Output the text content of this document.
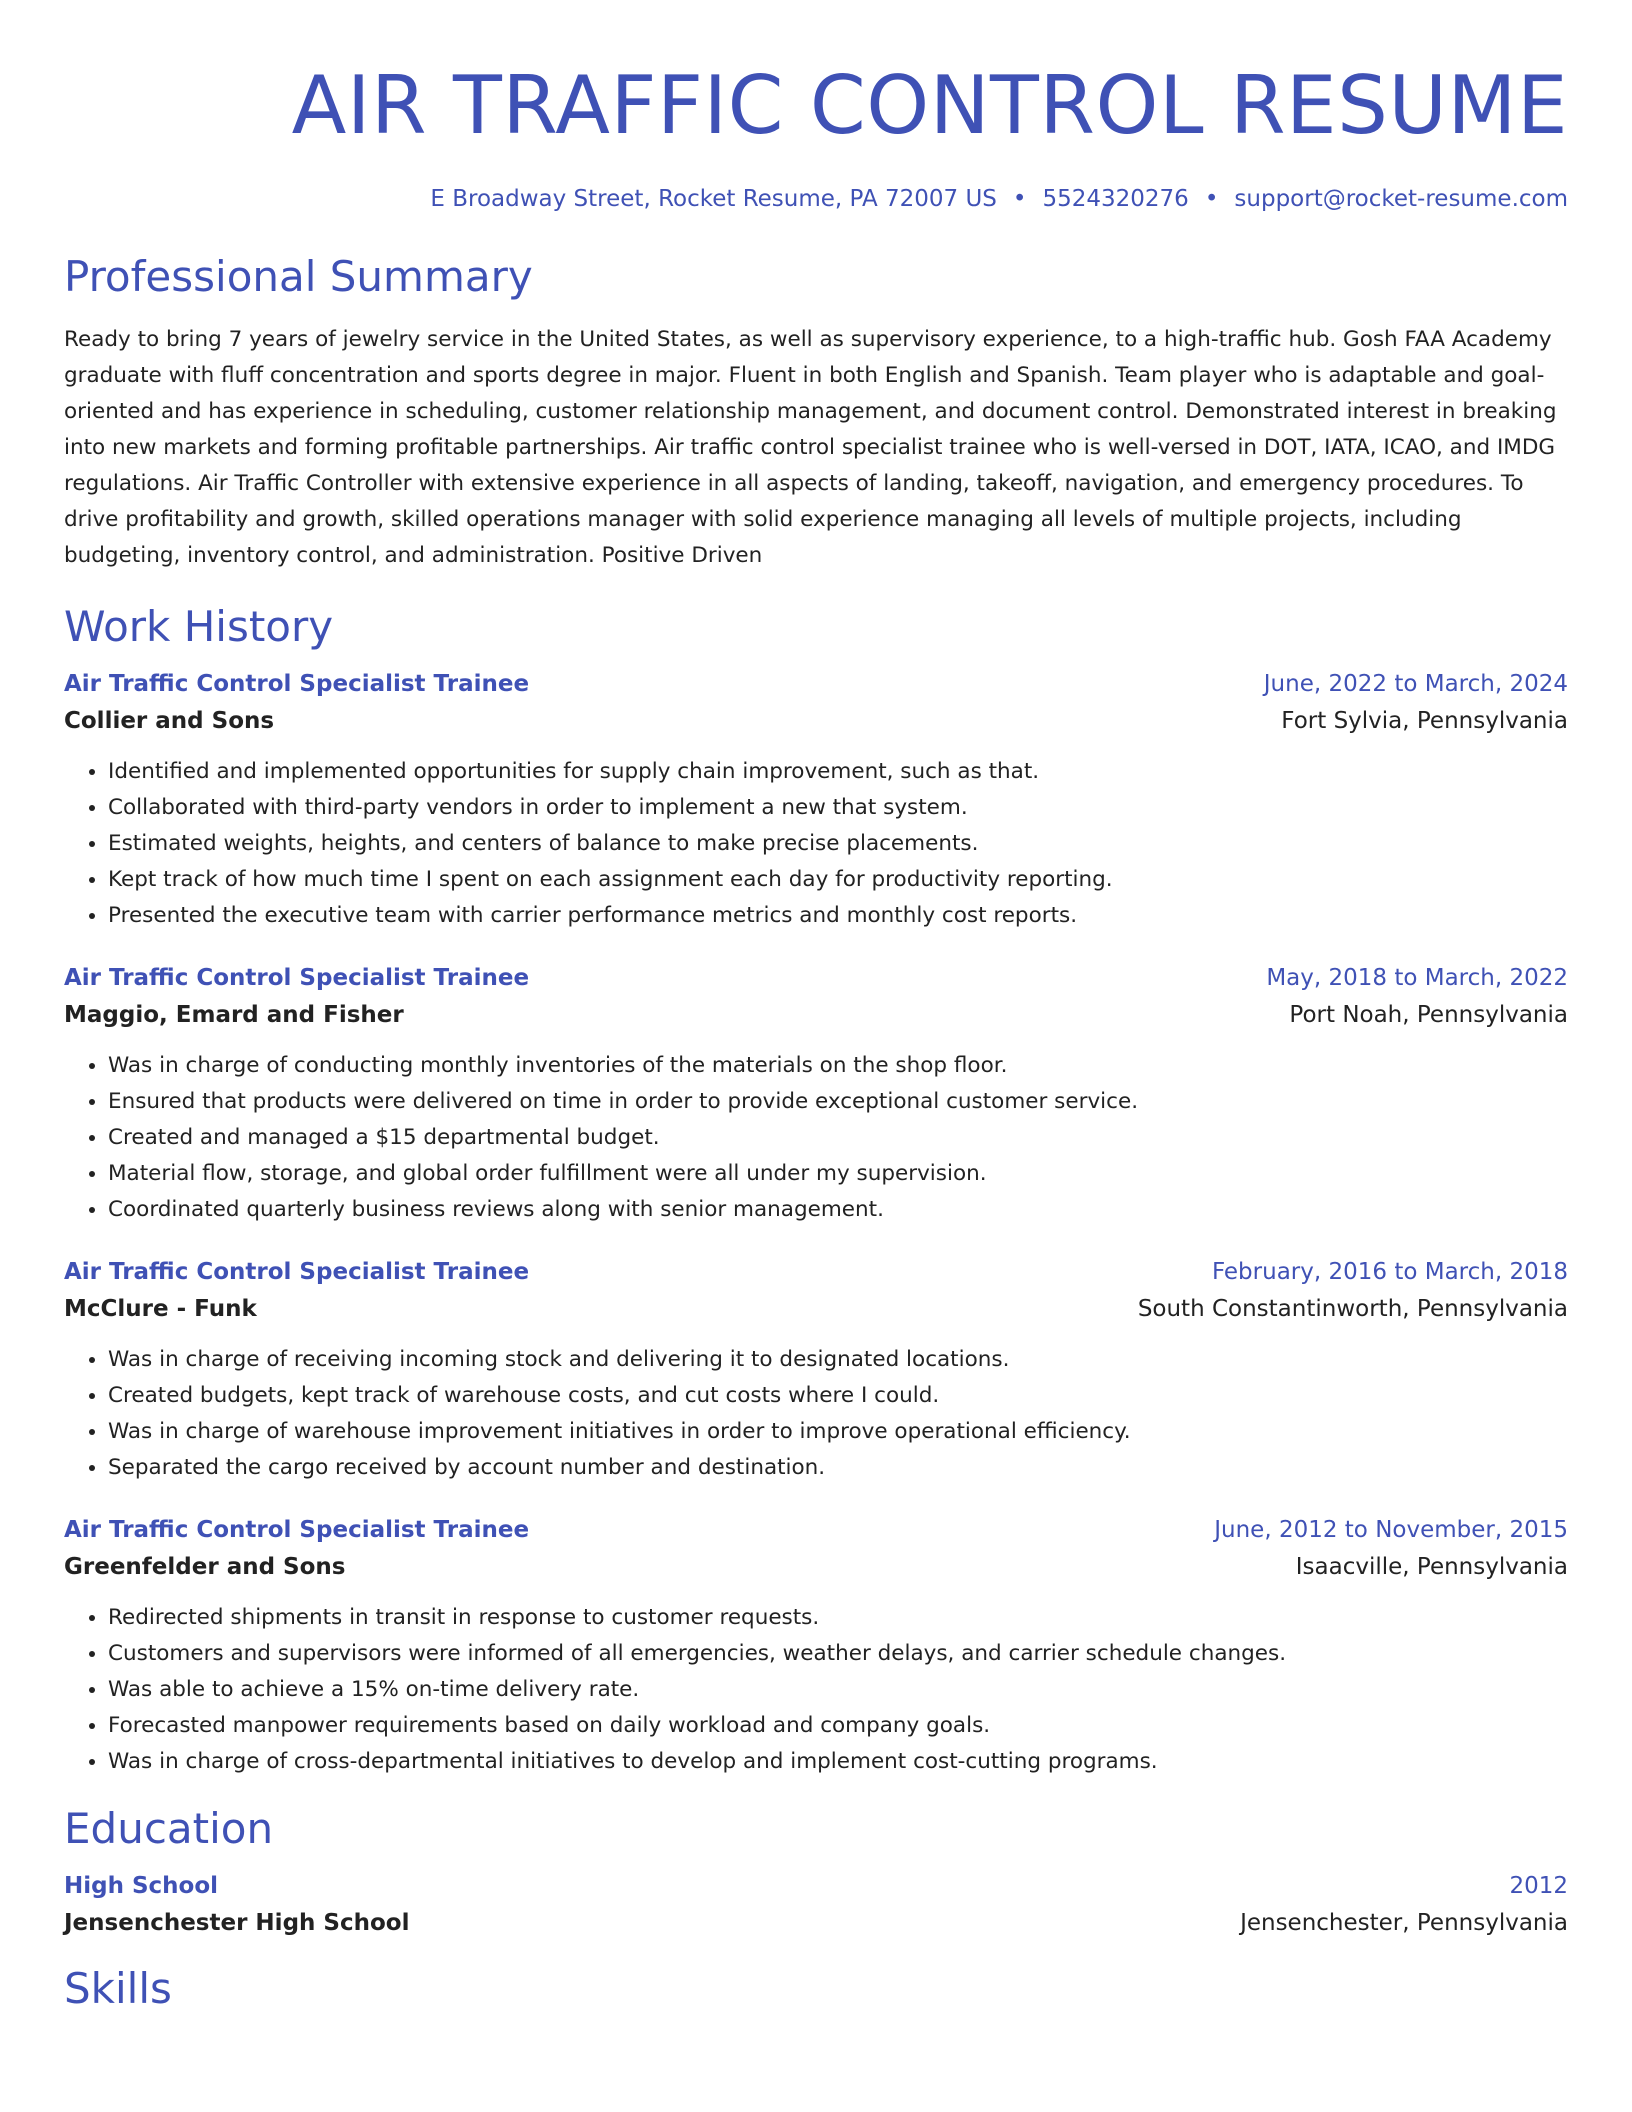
AIR TRAFFIC CONTROL RESUME
E Broadway Street, Rocket Resume, PA 72007 US • 5524320276 • support@rocket-resume.com
Professional Summary

Ready to bring 7 years of jewelry service in the United States, as well as supervisory experience, to a high-traffic hub. Gosh FAA Academy graduate with fluff concentration and sports degree in major. Fluent in both English and Spanish. Team player who is adaptable and goal-oriented and has experience in scheduling, customer relationship management, and document control. Demonstrated interest in breaking into new markets and forming profitable partnerships. Air traffic control specialist trainee who is well-versed in DOT, IATA, ICAO, and IMDG regulations. Air Traffic Controller with extensive experience in all aspects of landing, takeoff, navigation, and emergency procedures. To drive profitability and growth, skilled operations manager with solid experience managing all levels of multiple projects, including budgeting, inventory control, and administration. Positive Driven

Work History
Air Traffic Control Specialist Trainee	June, 2022 to March, 2024
Collier and Sons	Fort Sylvia, Pennsylvania
• Identified and implemented opportunities for supply chain improvement, such as that.
• Collaborated with third-party vendors in order to implement a new that system.
• Estimated weights, heights, and centers of balance to make precise placements.
• Kept track of how much time I spent on each assignment each day for productivity reporting.
• Presented the executive team with carrier performance metrics and monthly cost reports.
Air Traffic Control Specialist Trainee	May, 2018 to March, 2022
Maggio, Emard and Fisher	Port Noah, Pennsylvania
• Was in charge of conducting monthly inventories of the materials on the shop floor.
• Ensured that products were delivered on time in order to provide exceptional customer service.
• Created and managed a $15 departmental budget.
• Material flow, storage, and global order fulfillment were all under my supervision.
• Coordinated quarterly business reviews along with senior management.
Air Traffic Control Specialist Trainee	February, 2016 to March, 2018
McClure - Funk	South Constantinworth, Pennsylvania
• Was in charge of receiving incoming stock and delivering it to designated locations.
• Created budgets, kept track of warehouse costs, and cut costs where I could.
• Was in charge of warehouse improvement initiatives in order to improve operational efficiency.
• Separated the cargo received by account number and destination.
Air Traffic Control Specialist Trainee	June, 2012 to November, 2015
Greenfelder and Sons	Isaacville, Pennsylvania
• Redirected shipments in transit in response to customer requests.
• Customers and supervisors were informed of all emergencies, weather delays, and carrier schedule changes.
• Was able to achieve a 15% on-time delivery rate.
• Forecasted manpower requirements based on daily workload and company goals.
• Was in charge of cross-departmental initiatives to develop and implement cost-cutting programs.
Education
High School	2012
Jensenchester High School	Jensenchester, Pennsylvania
Skills
